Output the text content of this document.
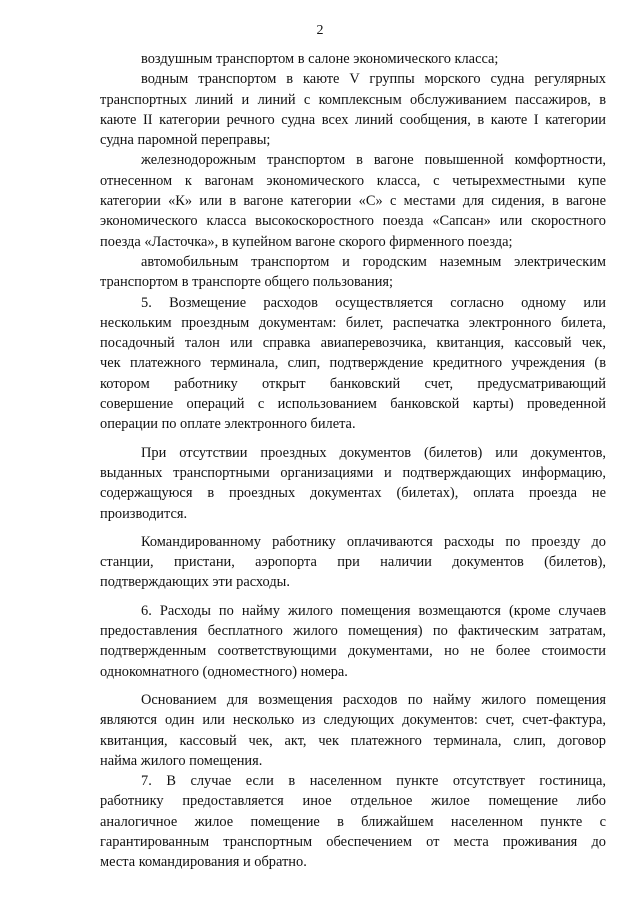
2
воздушным транспортом в салоне экономического класса;
водным транспортом в каюте V группы морского судна регулярных
транспортных линий и линий с комплексным обслуживанием пассажиров, в
каюте II категории речного судна всех линий сообщения, в каюте I категории
судна паромной переправы;
железнодорожным транспортом в вагоне повышенной комфортности,
отнесенном к вагонам экономического класса, с четырехместными купе
категории «К» или в вагоне категории «С» с местами для сидения, в вагоне
экономического класса высокоскоростного поезда «Сапсан» или скоростного
поезда «Ласточка», в купейном вагоне скорого фирменного поезда;
автомобильным транспортом и городским наземным электрическим
транспортом в транспорте общего пользования;
5. Возмещение расходов осуществляется согласно одному или
нескольким проездным документам: билет, распечатка электронного билета,
посадочный талон или справка авиаперевозчика, квитанция, кассовый чек,
чек платежного терминала, слип, подтверждение кредитного учреждения (в
котором работнику открыт банковский счет, предусматривающий
совершение операций с использованием банковской карты) проведенной
операции по оплате электронного билета.
При отсутствии проездных документов (билетов) или документов,
выданных транспортными организациями и подтверждающих информацию,
содержащуюся в проездных документах (билетах), оплата проезда не
производится.
Командированному работнику оплачиваются расходы по проезду до
станции, пристани, аэропорта при наличии документов (билетов),
подтверждающих эти расходы.
6. Расходы по найму жилого помещения возмещаются (кроме случаев
предоставления бесплатного жилого помещения) по фактическим затратам,
подтвержденным соответствующими документами, но не более стоимости
однокомнатного (одноместного) номера.
Основанием для возмещения расходов по найму жилого помещения
являются один или несколько из следующих документов: счет, счет-фактура,
квитанция, кассовый чек, акт, чек платежного терминала, слип, договор
найма жилого помещения.
7. В случае если в населенном пункте отсутствует гостиница,
работнику предоставляется иное отдельное жилое помещение либо
аналогичное жилое помещение в ближайшем населенном пункте с
гарантированным транспортным обеспечением от места проживания до
места командирования и обратно.
